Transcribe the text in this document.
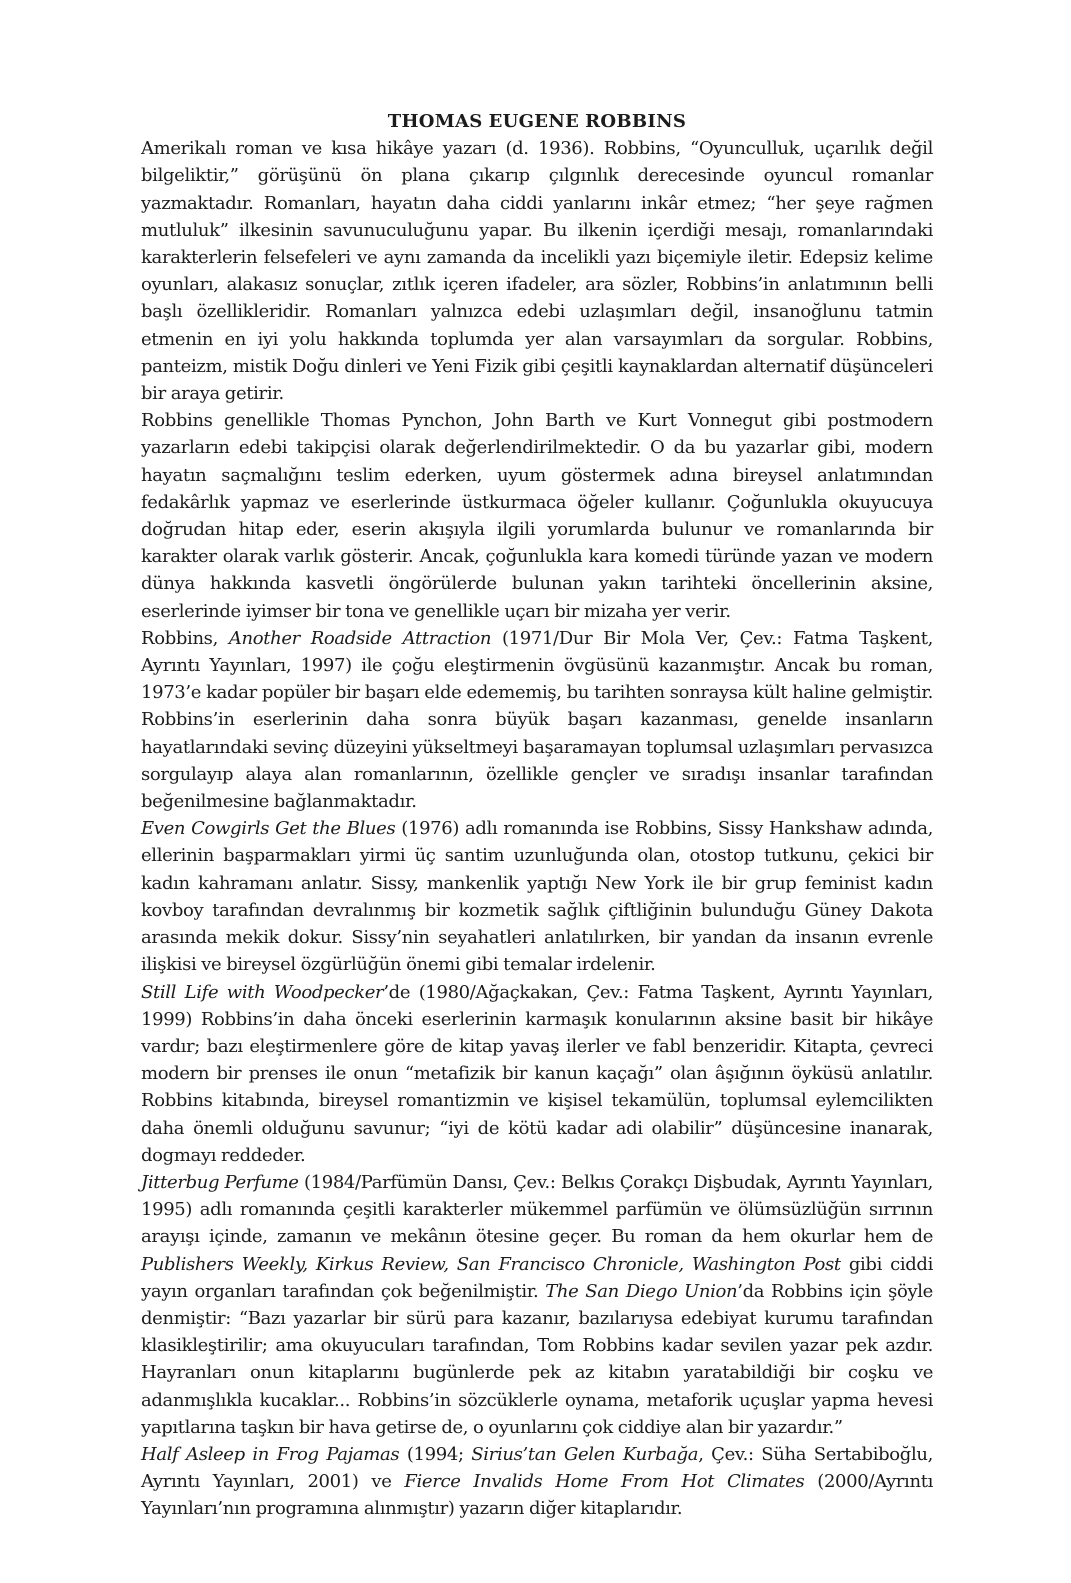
THOMAS EUGENE ROBBINS

Amerikalı roman ve kısa hikâye yazarı (d. 1936). Robbins, “Oyunculluk, uçarılık değil bilgeliktir,” görüşünü ön plana çıkarıp çılgınlık derecesinde oyuncul romanlar yazmaktadır. Romanları, hayatın daha ciddi yanlarını inkâr etmez; “her şeye rağmen mutluluk” ilkesinin savunuculuğunu yapar. Bu ilkenin içerdiği mesajı, romanlarındaki karakterlerin felsefeleri ve aynı zamanda da incelikli yazı biçemiyle iletir. Edepsiz kelime oyunları, alakasız sonuçlar, zıtlık içeren ifadeler, ara sözler, Robbins’in anlatımının belli başlı özellikleridir. Romanları yalnızca edebi uzlaşımları değil, insanoğlunu tatmin etmenin en iyi yolu hakkında toplumda yer alan varsayımları da sorgular. Robbins, panteizm, mistik Doğu dinleri ve Yeni Fizik gibi çeşitli kaynaklardan alternatif düşünceleri bir araya getirir.

Robbins genellikle Thomas Pynchon, John Barth ve Kurt Vonnegut gibi postmodern yazarların edebi takipçisi olarak değerlendirilmektedir. O da bu yazarlar gibi, modern hayatın saçmalığını teslim ederken, uyum göstermek adına bireysel anlatımından fedakârlık yapmaz ve eserlerinde üstkurmaca öğeler kullanır. Çoğunlukla okuyucuya doğrudan hitap eder, eserin akışıyla ilgili yorumlarda bulunur ve romanlarında bir karakter olarak varlık gösterir. Ancak, çoğunlukla kara komedi türünde yazan ve modern dünya hakkında kasvetli öngörülerde bulunan yakın tarihteki öncellerinin aksine, eserlerinde iyimser bir tona ve genellikle uçarı bir mizaha yer verir.

Robbins, Another Roadside Attraction (1971/Dur Bir Mola Ver, Çev.: Fatma Taşkent, Ayrıntı Yayınları, 1997) ile çoğu eleştirmenin övgüsünü kazanmıştır. Ancak bu roman, 1973’e kadar popüler bir başarı elde edememiş, bu tarihten sonraysa kült haline gelmiştir. Robbins’in eserlerinin daha sonra büyük başarı kazanması, genelde insanların hayatlarındaki sevinç düzeyini yükseltmeyi başaramayan toplumsal uzlaşımları pervasızca sorgulayıp alaya alan romanlarının, özellikle gençler ve sıradışı insanlar tarafından beğenilmesine bağlanmaktadır.

Even Cowgirls Get the Blues (1976) adlı romanında ise Robbins, Sissy Hankshaw adında, ellerinin başparmakları yirmi üç santim uzunluğunda olan, otostop tutkunu, çekici bir kadın kahramanı anlatır. Sissy, mankenlik yaptığı New York ile bir grup feminist kadın kovboy tarafından devralınmış bir kozmetik sağlık çiftliğinin bulunduğu Güney Dakota arasında mekik dokur. Sissy’nin seyahatleri anlatılırken, bir yandan da insanın evrenle ilişkisi ve bireysel özgürlüğün önemi gibi temalar irdelenir.

Still Life with Woodpecker’de (1980/Ağaçkakan, Çev.: Fatma Taşkent, Ayrıntı Yayınları, 1999) Robbins’in daha önceki eserlerinin karmaşık konularının aksine basit bir hikâye vardır; bazı eleştirmenlere göre de kitap yavaş ilerler ve fabl benzeridir. Kitapta, çevreci modern bir prenses ile onun “metafizik bir kanun kaçağı” olan âşığının öyküsü anlatılır. Robbins kitabında, bireysel romantizmin ve kişisel tekamülün, toplumsal eylemcilikten daha önemli olduğunu savunur; “iyi de kötü kadar adi olabilir” düşüncesine inanarak, dogmayı reddeder.

Jitterbug Perfume (1984/Parfümün Dansı, Çev.: Belkıs Çorakçı Dişbudak, Ayrıntı Yayınları, 1995) adlı romanında çeşitli karakterler mükemmel parfümün ve ölümsüzlüğün sırrının arayışı içinde, zamanın ve mekânın ötesine geçer. Bu roman da hem okurlar hem de Publishers Weekly, Kirkus Review, San Francisco Chronicle, Washington Post gibi ciddi yayın organları tarafından çok beğenilmiştir. The San Diego Union’da Robbins için şöyle denmiştir: “Bazı yazarlar bir sürü para kazanır, bazılarıysa edebiyat kurumu tarafından klasikleştirilir; ama okuyucuları tarafından, Tom Robbins kadar sevilen yazar pek azdır. Hayranları onun kitaplarını bugünlerde pek az kitabın yaratabildiği bir coşku ve adanmışlıkla kucaklar... Robbins’in sözcüklerle oynama, metaforik uçuşlar yapma hevesi yapıtlarına taşkın bir hava getirse de, o oyunlarını çok ciddiye alan bir yazardır.”

Half Asleep in Frog Pajamas (1994; Sirius’tan Gelen Kurbağa, Çev.: Süha Sertabiboğlu, Ayrıntı Yayınları, 2001) ve Fierce Invalids Home From Hot Climates (2000/Ayrıntı Yayınları’nın programına alınmıştır) yazarın diğer kitaplarıdır.
